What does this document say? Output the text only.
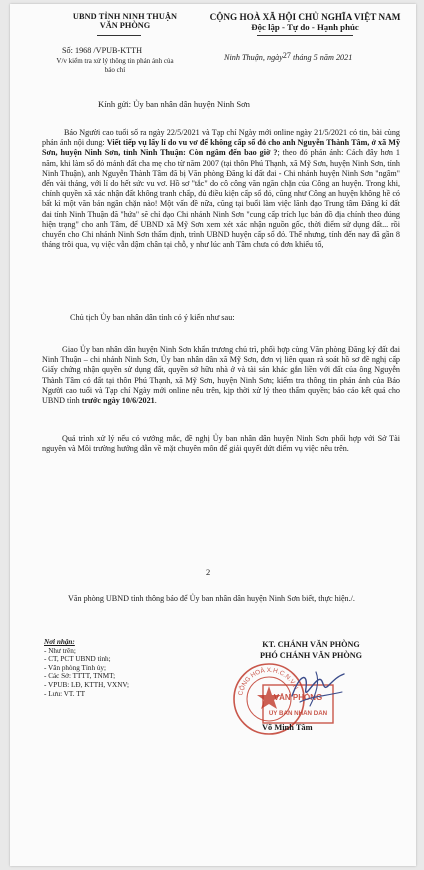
UBND TỈNH NINH THUẬN
VĂN PHÒNG
CỘNG HOÀ XÃ HỘI CHỦ NGHĨA VIỆT NAM
Độc lập - Tự do - Hạnh phúc
Số: 1968 /VPUB-KTTH
V/v kiểm tra xử lý thông tin phản ánh của báo chí
Ninh Thuận, ngày27 tháng 5 năm 2021
Kính gửi: Ủy ban nhân dân huyện Ninh Sơn
Báo Người cao tuổi số ra ngày 22/5/2021 và Tạp chí Ngày mới online ngày 21/5/2021 có tin, bài cùng phản ánh nội dung: Viết tiếp vụ lấy lí do vu vơ để không cấp sổ đỏ cho anh Nguyễn Thành Tâm, ở xã Mỹ Sơn, huyện Ninh Sơn, tỉnh Ninh Thuận: Còn ngâm đến bao giờ ?; theo đó phản ánh: Cách đây hơn 1 năm, khi làm sổ đỏ mảnh đất cha mẹ cho từ năm 2007 (tại thôn Phú Thạnh, xã Mỹ Sơn, huyện Ninh Sơn, tỉnh Ninh Thuận), anh Nguyễn Thành Tâm đã bị Văn phòng Đăng kí đất đai - Chi nhánh huyện Ninh Sơn "ngâm" đến vài tháng, với lí do hết sức vu vơ. Hồ sơ "tắc" do cô công văn ngăn chặn của Công an huyện. Trong khi, chính quyền xã xác nhận đất không tranh chấp, đủ điều kiện cấp sổ đỏ, cũng như Công an huyện không hề có bất kì một văn bản ngăn chặn nào! Một vấn đề nữa, cũng tại buổi làm việc lãnh đạo Trung tâm Đăng kí đất đai tỉnh Ninh Thuận đã "hứa" sẽ chỉ đạo Chi nhánh Ninh Sơn "cung cấp trích lục bản đồ địa chính theo đúng hiện trạng" cho anh Tâm, để UBND xã Mỹ Sơn xem xét xác nhận nguồn gốc, thời điểm sử dụng đất... rồi chuyển cho Chi nhánh Ninh Sơn thẩm định, trình UBND huyện cấp sổ đỏ. Thế nhưng, tính đến nay đã gần 8 tháng trôi qua, vụ việc vẫn dậm chân tại chỗ, y như lúc anh Tâm chưa có đơn khiếu tố,
Chủ tịch Ủy ban nhân dân tỉnh có ý kiến như sau:
Giao Ủy ban nhân dân huyện Ninh Sơn khẩn trương chủ trì, phối hợp cùng Văn phòng Đăng ký đất đai Ninh Thuận – chi nhánh Ninh Sơn, Ủy ban nhân dân xã Mỹ Sơn, đơn vị liên quan rà soát hồ sơ đề nghị cấp Giấy chứng nhận quyền sử dụng đất, quyền sở hữu nhà ở và tài sản khác gắn liền với đất của ông Nguyễn Thành Tâm có đất tại thôn Phú Thạnh, xã Mỹ Sơn, huyện Ninh Sơn; kiểm tra thông tin phản ánh của Báo Người cao tuổi và Tạp chí Ngày mới online nêu trên, kịp thời xử lý theo thẩm quyền; báo cáo kết quả cho UBND tỉnh trước ngày 10/6/2021.
Quá trình xử lý nếu có vướng mắc, đề nghị Ủy ban nhân dân huyện Ninh Sơn phối hợp với Sở Tài nguyên và Môi trường hướng dẫn về mặt chuyên môn để giải quyết dứt điểm vụ việc nêu trên.
2
Văn phòng UBND tỉnh thông báo để Ủy ban nhân dân huyện Ninh Sơn biết, thực hiện./.
Nơi nhận:
- Như trên;
- CT, PCT UBND tỉnh;
- Văn phòng Tỉnh ủy;
- Các Sở: TTTT, TNMT;
- VPUB: LĐ, KTTH, VXNV;
- Lưu: VT. TT
KT. CHÁNH VĂN PHÒNG
PHÓ CHÁNH VĂN PHÒNG
CỘNG HOÀ X.H.C.N.V.N
VĂN PHÒNG
ỦY BAN NHÂN DÂN
Võ Minh Tâm
